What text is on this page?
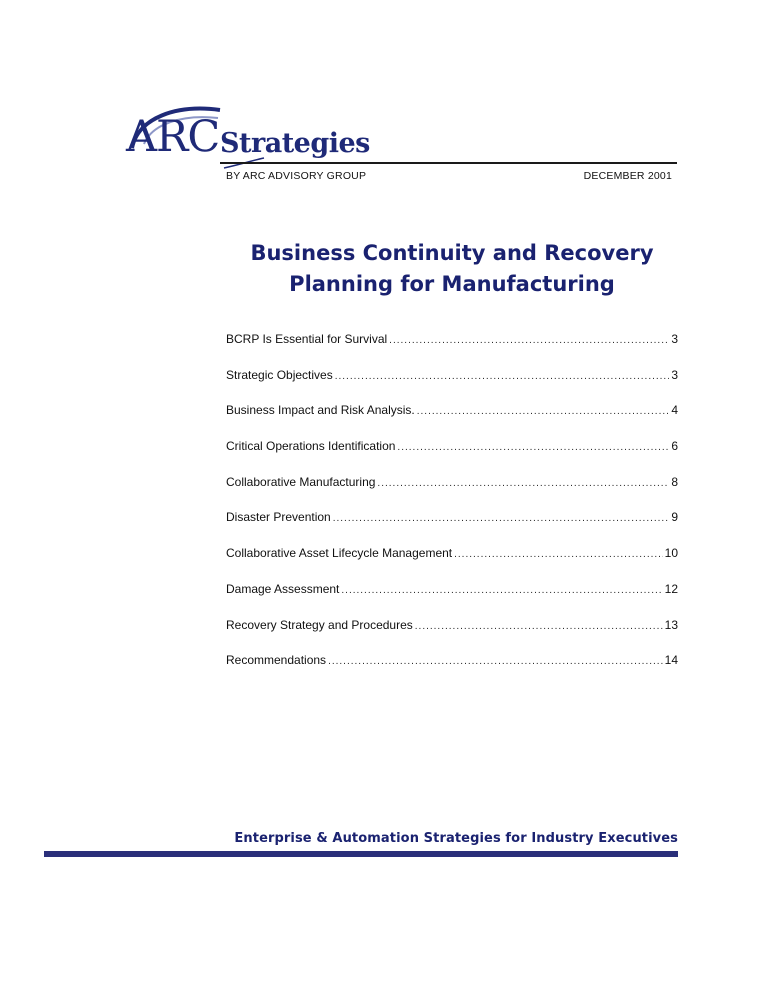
ARC Strategies
BY ARC ADVISORY GROUP	DECEMBER 2001
Business Continuity and Recovery
Planning for Manufacturing
BCRP Is Essential for Survival .....	3
Strategic Objectives .....	3
Business Impact and Risk Analysis. .....	4
Critical Operations Identification .....	6
Collaborative Manufacturing .....	8
Disaster Prevention .....	9
Collaborative Asset Lifecycle Management .....	10
Damage Assessment .....	12
Recovery Strategy and Procedures .....	13
Recommendations .....	14
Enterprise & Automation Strategies for Industry Executives
